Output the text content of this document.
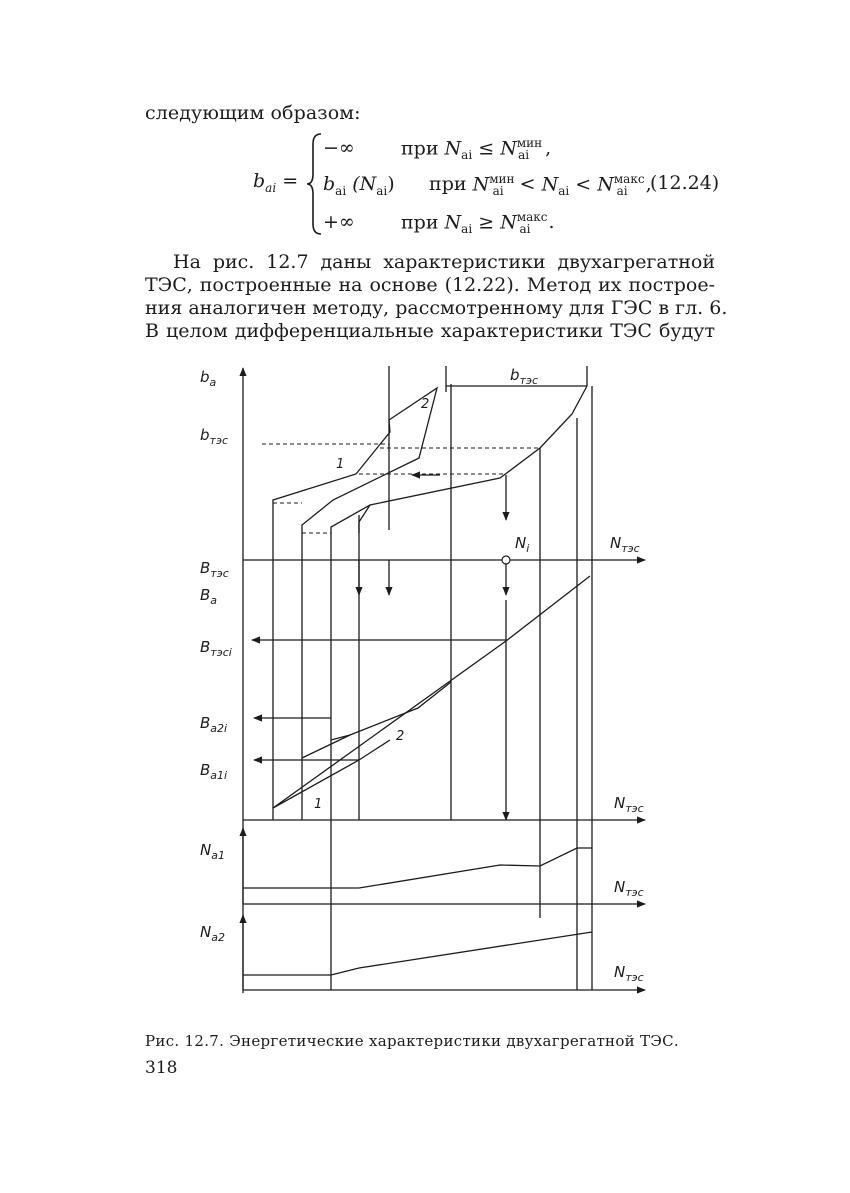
следующим образом:
$b_{ai}$ =
−∞ при $N_{ai} \le N^{мин}_{ai}$ ,
$b_{ai}$ $(N_{ai})$ при $N^{мин}_{ai} < N_{ai} < N^{макс}_{ai}$ ,
+∞ при $N_{ai} \ge N^{макс}_{ai}$ .
(12.24)
На рис. 12.7 даны характеристики двухагрегатной
ТЭС, построенные на основе (12.22). Метод их построе-
ния аналогичен методу, рассмотренному для ГЭС в гл. 6.
В целом дифференциальные характеристики ТЭС будут
$b_a$
$b_{тэс}$
$b_{тэс}$
2
1
$N_i$	$N_{тэс}$
$B_{тэс}$
$B_a$
$B_{тэсi}$
$B_{a2i}$
2
$B_{a1i}$
1	$N_{тэс}$
$N_{a1}$
$N_{тэс}$
$N_{a2}$
$N_{тэс}$
Рис. 12.7. Энергетические характеристики двухагрегатной ТЭС.
318
